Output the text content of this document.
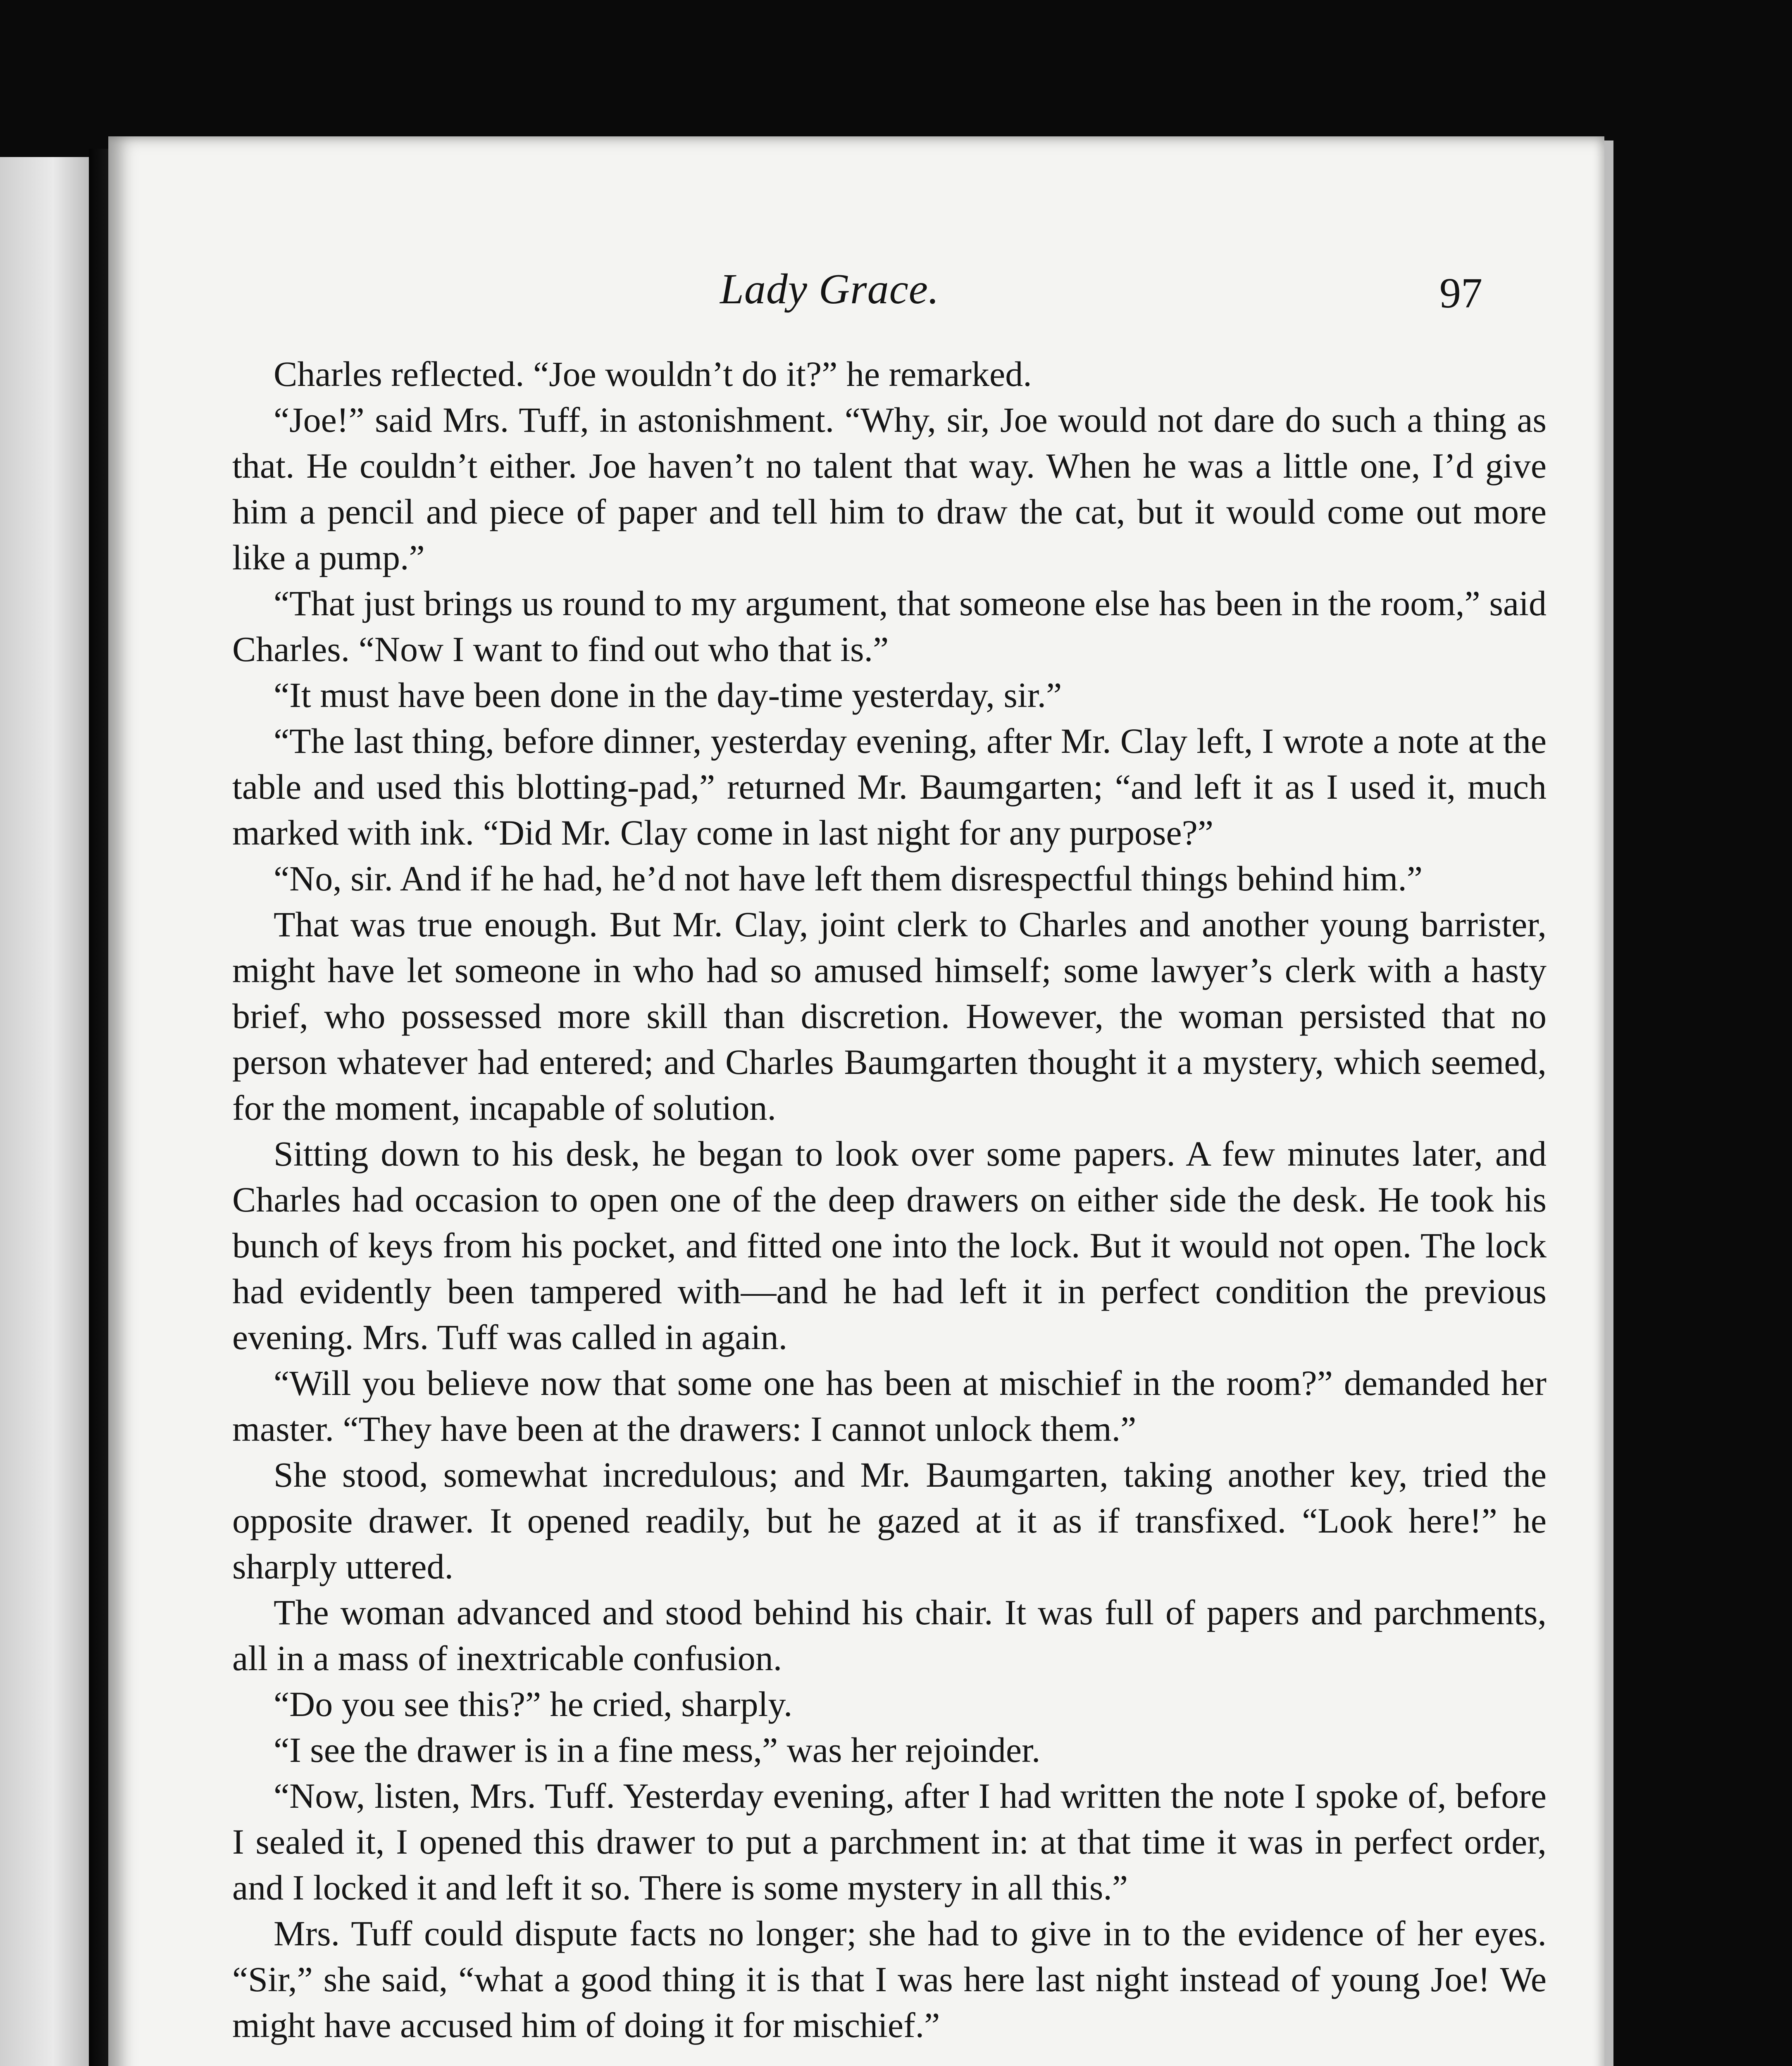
Lady Grace.	97

Charles reflected. “Joe wouldn’t do it?” he remarked.

“Joe!” said Mrs. Tuff, in astonishment. “Why, sir, Joe would not dare do such a thing as that. He couldn’t either. Joe haven’t no talent that way. When he was a little one, I’d give him a pencil and piece of paper and tell him to draw the cat, but it would come out more like a pump.”

“That just brings us round to my argument, that someone else has been in the room,” said Charles. “Now I want to find out who that is.”

“It must have been done in the day-time yesterday, sir.”

“The last thing, before dinner, yesterday evening, after Mr. Clay left, I wrote a note at the table and used this blotting-pad,” returned Mr. Baumgarten; “and left it as I used it, much marked with ink. “Did Mr. Clay come in last night for any purpose?”

“No, sir. And if he had, he’d not have left them disrespectful things behind him.”

That was true enough. But Mr. Clay, joint clerk to Charles and another young barrister, might have let someone in who had so amused himself; some lawyer’s clerk with a hasty brief, who possessed more skill than discretion. However, the woman persisted that no person whatever had entered; and Charles Baumgarten thought it a mystery, which seemed, for the moment, incapable of solution.

Sitting down to his desk, he began to look over some papers. A few minutes later, and Charles had occasion to open one of the deep drawers on either side the desk. He took his bunch of keys from his pocket, and fitted one into the lock. But it would not open. The lock had evidently been tampered with—and he had left it in perfect condition the previous evening. Mrs. Tuff was called in again.

“Will you believe now that some one has been at mischief in the room?” demanded her master. “They have been at the drawers: I cannot unlock them.”

She stood, somewhat incredulous; and Mr. Baumgarten, taking another key, tried the opposite drawer. It opened readily, but he gazed at it as if transfixed. “Look here!” he sharply uttered.

The woman advanced and stood behind his chair. It was full of papers and parchments, all in a mass of inextricable confusion.

“Do you see this?” he cried, sharply.

“I see the drawer is in a fine mess,” was her rejoinder.

“Now, listen, Mrs. Tuff. Yesterday evening, after I had written the note I spoke of, before I sealed it, I opened this drawer to put a parchment in: at that time it was in perfect order, and I locked it and left it so. There is some mystery in all this.”

Mrs. Tuff could dispute facts no longer; she had to give in to the evidence of her eyes. “Sir,” she said, “what a good thing it is that I was here last night instead of young Joe! We might have accused him of doing it for mischief.”
